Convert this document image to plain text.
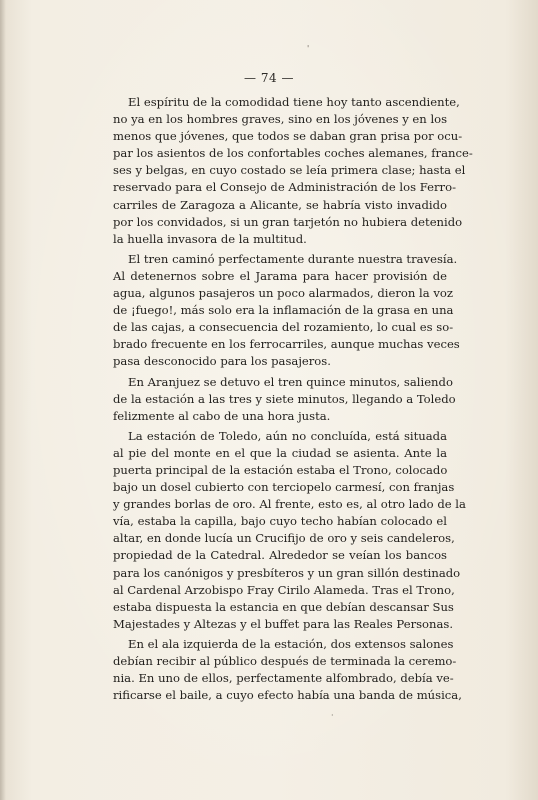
'
— 74 —

El espíritu de la comodidad tiene hoy tanto ascendiente,
no ya en los hombres graves, sino en los jóvenes y en los
menos que jóvenes, que todos se daban gran prisa por ocu-
par los asientos de los confortables coches alemanes, france-
ses y belgas, en cuyo costado se leía primera clase; hasta el
reservado para el Consejo de Administración de los Ferro-
carriles de Zaragoza a Alicante, se habría visto invadido
por los convidados, si un gran tarjetón no hubiera detenido
la huella invasora de la multitud.

El tren caminó perfectamente durante nuestra travesía.
Al detenernos sobre el Jarama para hacer provisión de
agua, algunos pasajeros un poco alarmados, dieron la voz
de ¡fuego!, más solo era la inflamación de la grasa en una
de las cajas, a consecuencia del rozamiento, lo cual es so-
brado frecuente en los ferrocarriles, aunque muchas veces
pasa desconocido para los pasajeros.

En Aranjuez se detuvo el tren quince minutos, saliendo
de la estación a las tres y siete minutos, llegando a Toledo
felizmente al cabo de una hora justa.

La estación de Toledo, aún no concluída, está situada
al pie del monte en el que la ciudad se asienta. Ante la
puerta principal de la estación estaba el Trono, colocado
bajo un dosel cubierto con terciopelo carmesí, con franjas
y grandes borlas de oro. Al frente, esto es, al otro lado de la
vía, estaba la capilla, bajo cuyo techo habían colocado el
altar, en donde lucía un Crucifijo de oro y seis candeleros,
propiedad de la Catedral. Alrededor se veían los bancos
para los canónigos y presbíteros y un gran sillón destinado
al Cardenal Arzobispo Fray Cirilo Alameda. Tras el Trono,
estaba dispuesta la estancia en que debían descansar Sus
Majestades y Altezas y el buffet para las Reales Personas.

En el ala izquierda de la estación, dos extensos salones
debían recibir al público después de terminada la ceremo-
nia. En uno de ellos, perfectamente alfombrado, debía ve-
rificarse el baile, a cuyo efecto había una banda de música,

·
